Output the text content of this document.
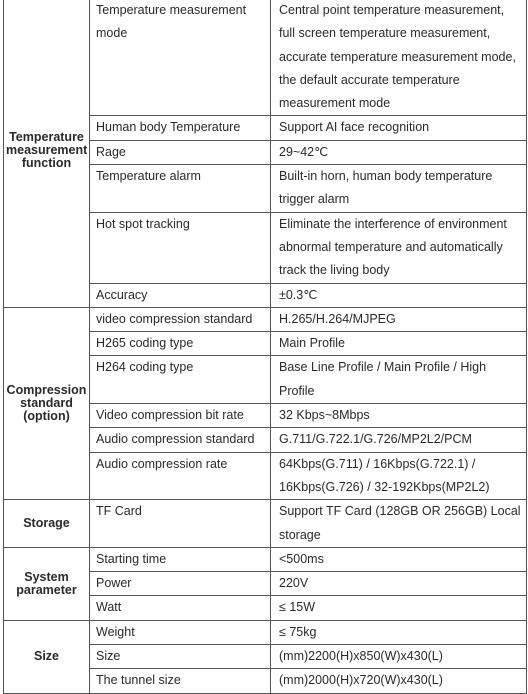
Temperature measurement function	Temperature measurement mode	Central point temperature measurement, full screen temperature measurement, accurate temperature measurement mode, the default accurate temperature measurement mode
	Human body Temperature	Support AI face recognition
	Rage	29~42℃
	Temperature alarm	Built-in horn, human body temperature trigger alarm
	Hot spot tracking	Eliminate the interference of environment abnormal temperature and automatically track the living body
	Accuracy	±0.3℃
Compression standard (option)	video compression standard	H.265/H.264/MJPEG
	H265 coding type	Main Profile
	H264 coding type	Base Line Profile / Main Profile / High Profile
	Video compression bit rate	32 Kbps~8Mbps
	Audio compression standard	G.711/G.722.1/G.726/MP2L2/PCM
	Audio compression rate	64Kbps(G.711) / 16Kbps(G.722.1) / 16Kbps(G.726) / 32-192Kbps(MP2L2)
Storage	TF Card	Support TF Card (128GB OR 256GB) Local storage
System parameter	Starting time	<500ms
	Power	220V
	Watt	≤ 15W
Size	Weight	≤ 75kg
	Size	(mm)2200(H)x850(W)x430(L)
	The tunnel size	(mm)2000(H)x720(W)x430(L)
